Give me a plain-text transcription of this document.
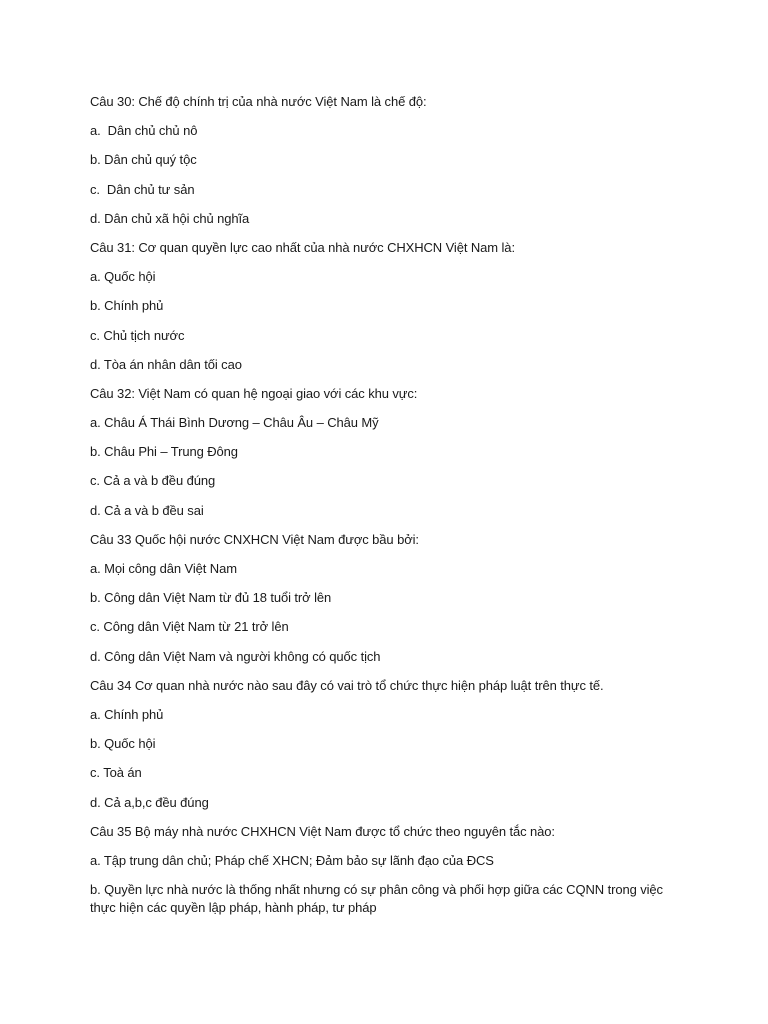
Câu 30: Chế độ chính trị của nhà nước Việt Nam là chế độ:

a.  Dân chủ chủ nô

b. Dân chủ quý tộc

c.  Dân chủ tư sản

d. Dân chủ xã hội chủ nghĩa

Câu 31: Cơ quan quyền lực cao nhất của nhà nước CHXHCN Việt Nam là:

a. Quốc hội

b. Chính phủ

c. Chủ tịch nước

d. Tòa án nhân dân tối cao

Câu 32: Việt Nam có quan hệ ngoại giao với các khu vực:

a. Châu Á Thái Bình Dương – Châu Âu – Châu Mỹ

b. Châu Phi – Trung Đông

c. Cả a và b đều đúng

d. Cả a và b đều sai

Câu 33 Quốc hội nước CNXHCN Việt Nam được bầu bởi:

a. Mọi công dân Việt Nam

b. Công dân Việt Nam từ đủ 18 tuổi trở lên

c. Công dân Việt Nam từ 21 trở lên

d. Công dân Việt Nam và người không có quốc tịch

Câu 34 Cơ quan nhà nước nào sau đây có vai trò tổ chức thực hiện pháp luật trên thực tế.

a. Chính phủ

b. Quốc hội

c. Toà án

d. Cả a,b,c đều đúng

Câu 35 Bộ máy nhà nước CHXHCN Việt Nam được tổ chức theo nguyên tắc nào:

a. Tập trung dân chủ; Pháp chế XHCN; Đảm bảo sự lãnh đạo của ĐCS

b. Quyền lực nhà nước là thống nhất nhưng có sự phân công và phối hợp giữa các CQNN trong việc thực hiện các quyền lập pháp, hành pháp, tư pháp
